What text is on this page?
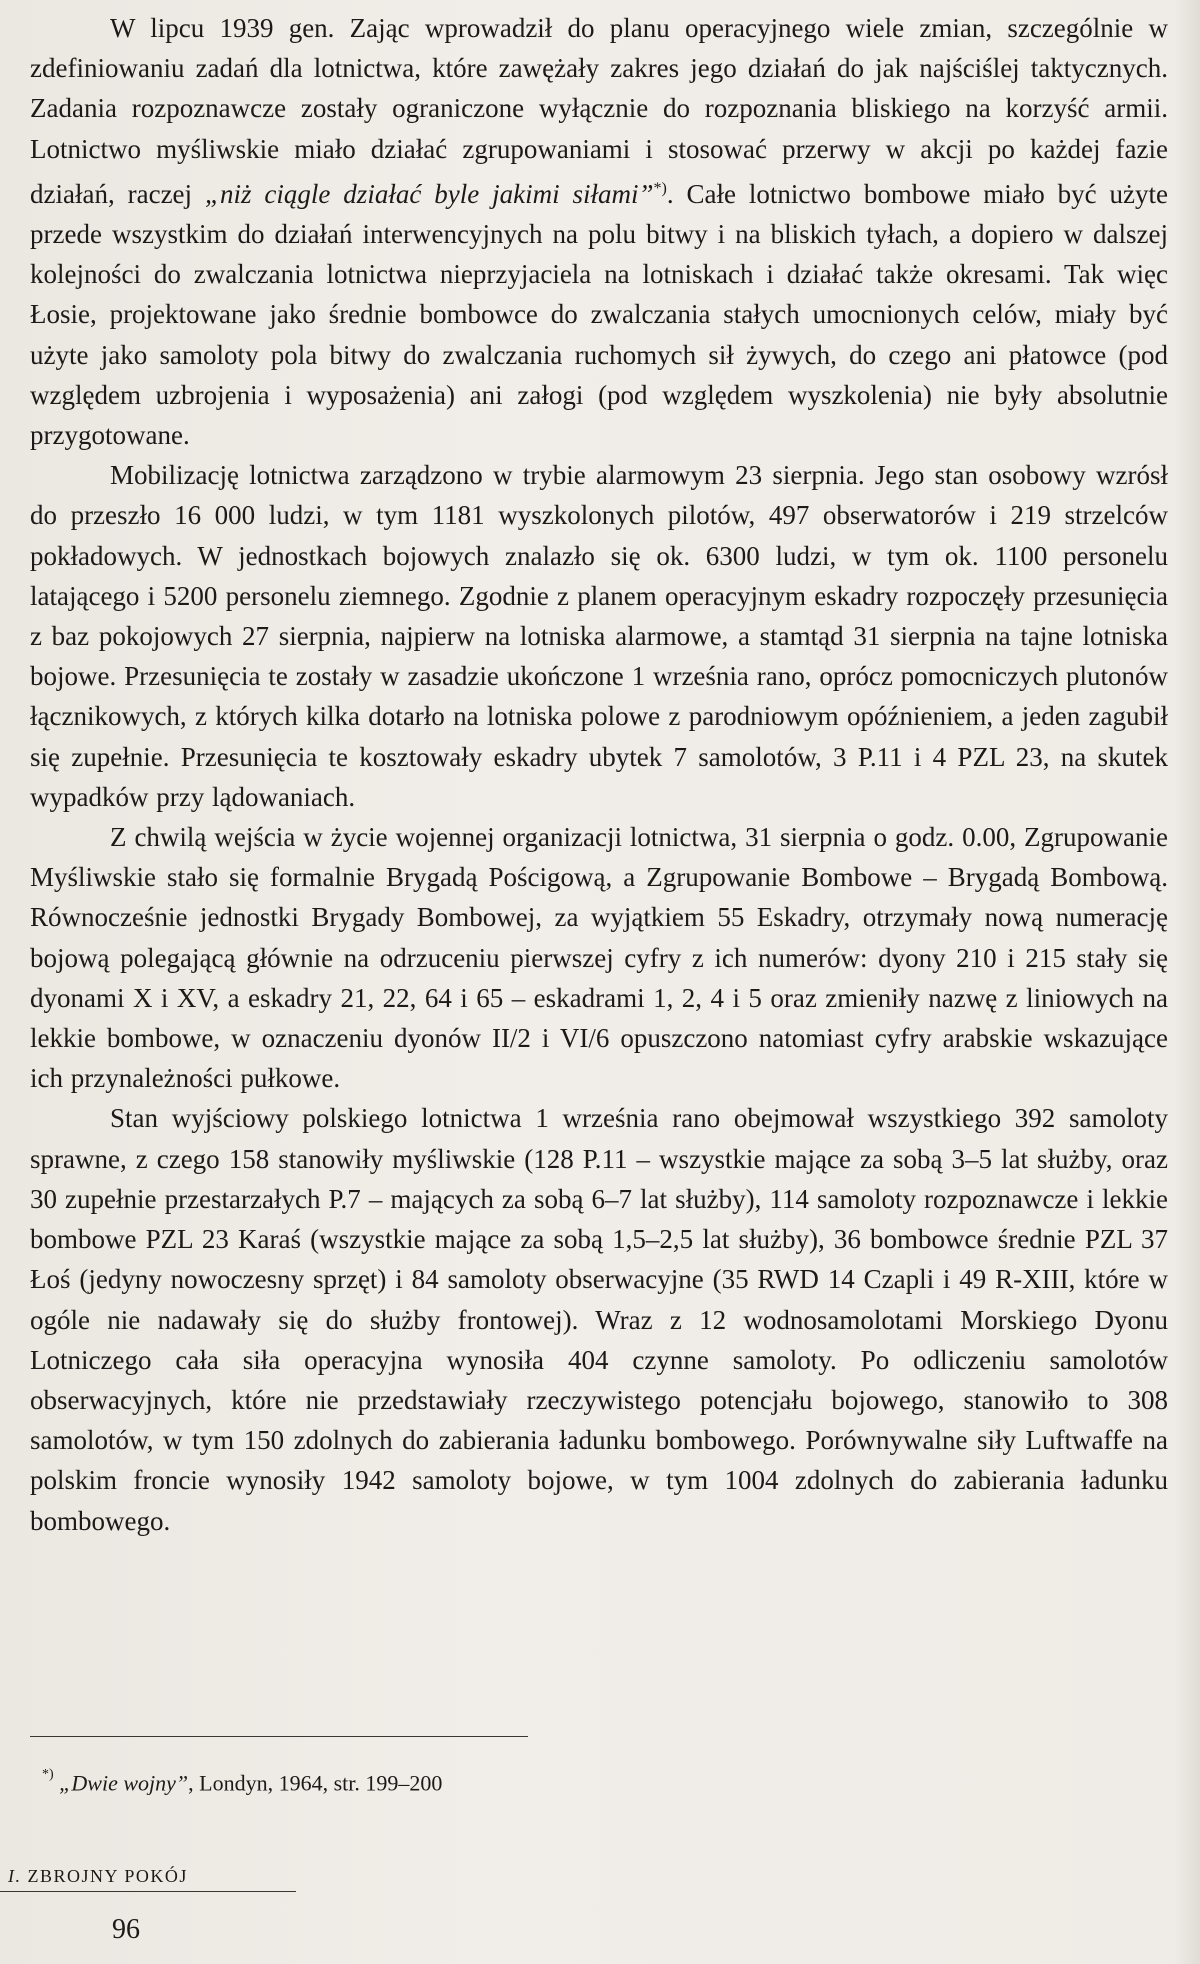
W lipcu 1939 gen. Zając wprowadził do planu operacyjnego wiele zmian, szczególnie w zdefiniowaniu zadań dla lotnictwa, które zawężały zakres jego działań do jak najściślej taktycznych. Zadania rozpoznawcze zostały ograniczone wyłącznie do rozpoznania bliskiego na korzyść armii. Lotnictwo myśliwskie miało działać zgrupowaniami i stosować przerwy w akcji po każdej fazie działań, raczej „niż ciągle działać byle jakimi siłami”*). Całe lotnictwo bombowe miało być użyte przede wszystkim do działań interwencyjnych na polu bitwy i na bliskich tyłach, a dopiero w dalszej kolejności do zwalczania lotnictwa nieprzyjaciela na lotniskach i działać także okresami. Tak więc Łosie, projektowane jako średnie bombowce do zwalczania stałych umocnionych celów, miały być użyte jako samoloty pola bitwy do zwalczania ruchomych sił żywych, do czego ani płatowce (pod względem uzbrojenia i wyposażenia) ani załogi (pod względem wyszkolenia) nie były absolutnie przygotowane.

Mobilizację lotnictwa zarządzono w trybie alarmowym 23 sierpnia. Jego stan osobowy wzrósł do przeszło 16 000 ludzi, w tym 1181 wyszkolonych pilotów, 497 obserwatorów i 219 strzelców pokładowych. W jednostkach bojowych znalazło się ok. 6300 ludzi, w tym ok. 1100 personelu latającego i 5200 personelu ziemnego. Zgodnie z planem operacyjnym eskadry rozpoczęły przesunięcia z baz pokojowych 27 sierpnia, najpierw na lotniska alarmowe, a stamtąd 31 sierpnia na tajne lotniska bojowe. Przesunięcia te zostały w zasadzie ukończone 1 września rano, oprócz pomocniczych plutonów łącznikowych, z których kilka dotarło na lotniska polowe z parodniowym opóźnieniem, a jeden zagubił się zupełnie. Przesunięcia te kosztowały eskadry ubytek 7 samolotów, 3 P.11 i 4 PZL 23, na skutek wypadków przy lądowaniach.

Z chwilą wejścia w życie wojennej organizacji lotnictwa, 31 sierpnia o godz. 0.00, Zgrupowanie Myśliwskie stało się formalnie Brygadą Pościgową, a Zgrupowanie Bombowe – Brygadą Bombową. Równocześnie jednostki Brygady Bombowej, za wyjątkiem 55 Eskadry, otrzymały nową numerację bojową polegającą głównie na odrzuceniu pierwszej cyfry z ich numerów: dyony 210 i 215 stały się dyonami X i XV, a eskadry 21, 22, 64 i 65 – eskadrami 1, 2, 4 i 5 oraz zmieniły nazwę z liniowych na lekkie bombowe, w oznaczeniu dyonów II/2 i VI/6 opuszczono natomiast cyfry arabskie wskazujące ich przynależności pułkowe.

Stan wyjściowy polskiego lotnictwa 1 września rano obejmował wszystkiego 392 samoloty sprawne, z czego 158 stanowiły myśliwskie (128 P.11 – wszystkie mające za sobą 3–5 lat służby, oraz 30 zupełnie przestarzałych P.7 – mających za sobą 6–7 lat służby), 114 samoloty rozpoznawcze i lekkie bombowe PZL 23 Karaś (wszystkie mające za sobą 1,5–2,5 lat służby), 36 bombowce średnie PZL 37 Łoś (jedyny nowoczesny sprzęt) i 84 samoloty obserwacyjne (35 RWD 14 Czapli i 49 R-XIII, które w ogóle nie nadawały się do służby frontowej). Wraz z 12 wodnosamolotami Morskiego Dyonu Lotniczego cała siła operacyjna wynosiła 404 czynne samoloty. Po odliczeniu samolotów obserwacyjnych, które nie przedstawiały rzeczywistego potencjału bojowego, stanowiło to 308 samolotów, w tym 150 zdolnych do zabierania ładunku bombowego. Porównywalne siły Luftwaffe na polskim froncie wynosiły 1942 samoloty bojowe, w tym 1004 zdolnych do zabierania ładunku bombowego.

*) „Dwie wojny”, Londyn, 1964, str. 199–200
I. ZBROJNY POKÓJ
96
